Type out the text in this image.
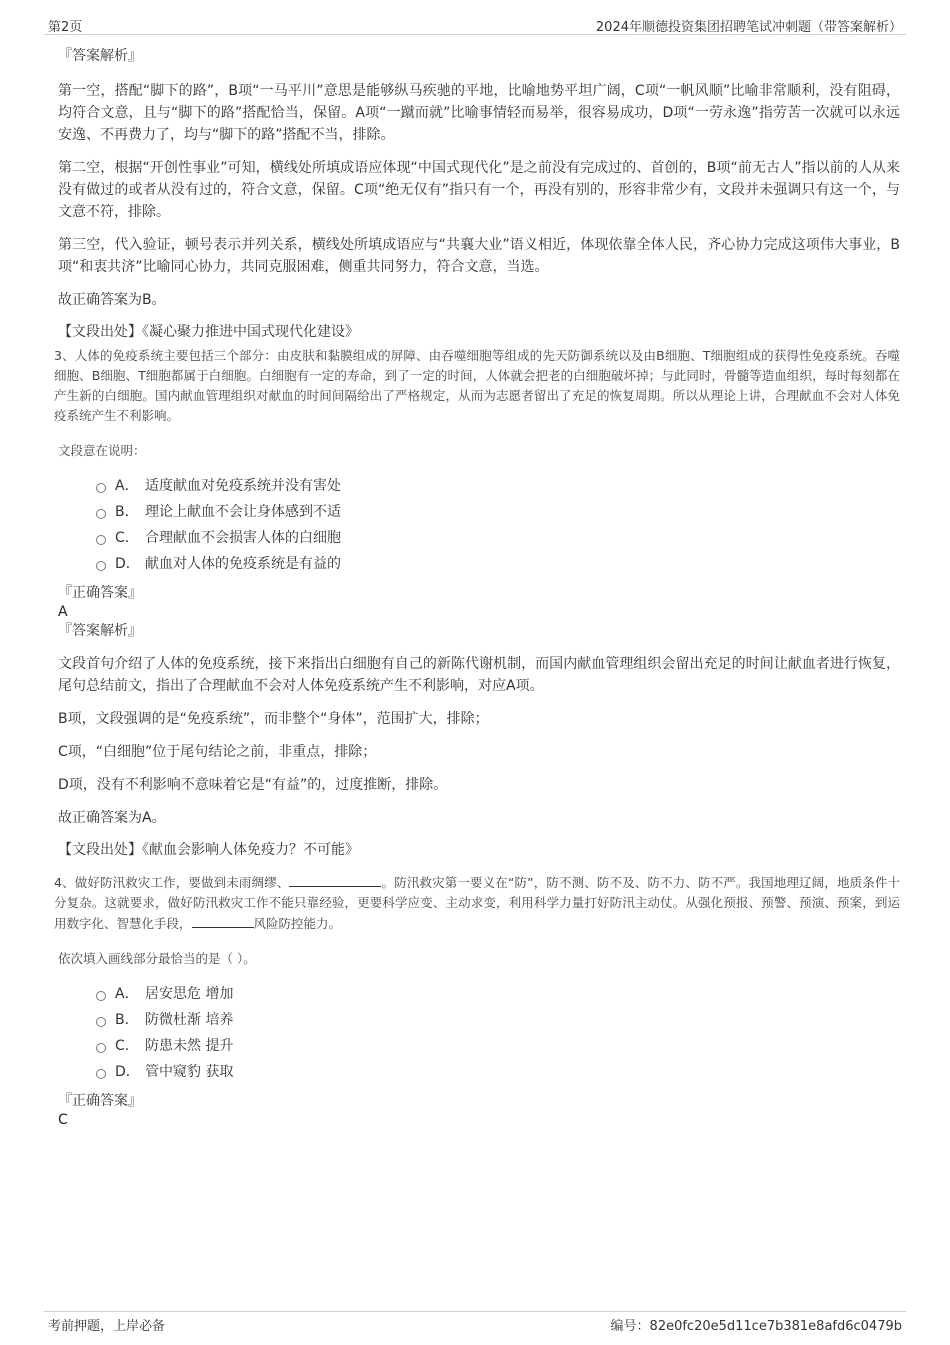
第2页	2024年顺德投资集团招聘笔试冲刺题（带答案解析）

『答案解析』

第一空，搭配“脚下的路”，B项“一马平川”意思是能够纵马疾驰的平地，比喻地势平坦广阔，C项“一帆风顺”比喻非常顺利，没有阻碍，均符合文意，且与“脚下的路”搭配恰当，保留。A项“一蹴而就”比喻事情轻而易举，很容易成功，D项“一劳永逸”指劳苦一次就可以永远安逸、不再费力了，均与“脚下的路”搭配不当，排除。

第二空，根据“开创性事业”可知，横线处所填成语应体现“中国式现代化”是之前没有完成过的、首创的，B项“前无古人”指以前的人从来没有做过的或者从没有过的，符合文意，保留。C项“绝无仅有”指只有一个，再没有别的，形容非常少有，文段并未强调只有这一个，与文意不符，排除。

第三空，代入验证，顿号表示并列关系，横线处所填成语应与“共襄大业”语义相近，体现依靠全体人民，齐心协力完成这项伟大事业，B项“和衷共济”比喻同心协力，共同克服困难，侧重共同努力，符合文意，当选。

故正确答案为B。

【文段出处】《凝心聚力推进中国式现代化建设》

3、人体的免疫系统主要包括三个部分：由皮肤和黏膜组成的屏障、由吞噬细胞等组成的先天防御系统以及由B细胞、T细胞组成的获得性免疫系统。吞噬细胞、B细胞、T细胞都属于白细胞。白细胞有一定的寿命，到了一定的时间，人体就会把老的白细胞破坏掉；与此同时，骨髓等造血组织，每时每刻都在产生新的白细胞。国内献血管理组织对献血的时间间隔给出了严格规定，从而为志愿者留出了充足的恢复周期。所以从理论上讲，合理献血不会对人体免疫系统产生不利影响。

文段意在说明：

A． 适度献血对免疫系统并没有害处
B． 理论上献血不会让身体感到不适
C． 合理献血不会损害人体的白细胞
D． 献血对人体的免疫系统是有益的

『正确答案』

A

『答案解析』

文段首句介绍了人体的免疫系统，接下来指出白细胞有自己的新陈代谢机制，而国内献血管理组织会留出充足的时间让献血者进行恢复，尾句总结前文，指出了合理献血不会对人体免疫系统产生不利影响，对应A项。

B项，文段强调的是“免疫系统”，而非整个“身体”，范围扩大，排除；

C项，“白细胞”位于尾句结论之前，非重点，排除；

D项，没有不利影响不意味着它是“有益”的，过度推断，排除。

故正确答案为A。

【文段出处】《献血会影响人体免疫力？不可能》

4、做好防汛救灾工作，要做到未雨绸缪、	。防汛救灾第一要义在“防”，防不测、防不及、防不力、防不严。我国地理辽阔，地质条件十分复杂。这就要求，做好防汛救灾工作不能只靠经验，更要科学应变、主动求变，利用科学力量打好防汛主动仗。从强化预报、预警、预演、预案，到运用数字化、智慧化手段，	风险防控能力。

依次填入画线部分最恰当的是（ ）。

A． 居安思危 增加
B． 防微杜渐 培养
C． 防患未然 提升
D． 管中窥豹 获取

『正确答案』

C

考前押题，上岸必备	编号：82e0fc20e5d11ce7b381e8afd6c0479b
